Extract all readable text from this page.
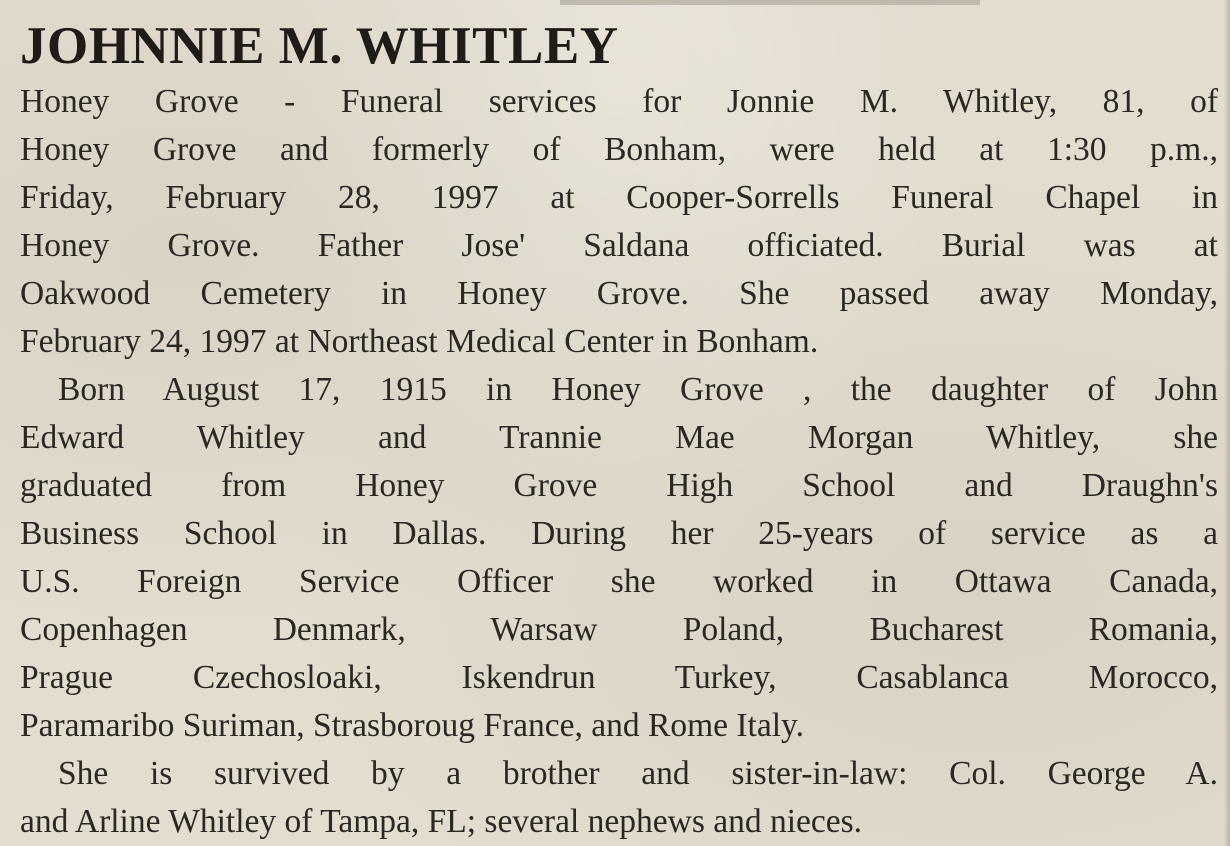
JOHNNIE M. WHITLEY
Honey Grove - Funeral services for Jonnie M. Whitley, 81, of
Honey Grove and formerly of Bonham, were held at 1:30 p.m.,
Friday, February 28, 1997 at Cooper-Sorrells Funeral Chapel in
Honey Grove. Father Jose' Saldana officiated. Burial was at
Oakwood Cemetery in Honey Grove. She passed away Monday,
February 24, 1997 at Northeast Medical Center in Bonham.
Born August 17, 1915 in Honey Grove , the daughter of John
Edward Whitley and Trannie Mae Morgan Whitley, she
graduated from Honey Grove High School and Draughn's
Business School in Dallas. During her 25-years of service as a
U.S. Foreign Service Officer she worked in Ottawa Canada,
Copenhagen Denmark, Warsaw Poland, Bucharest Romania,
Prague Czechosloaki, Iskendrun Turkey, Casablanca Morocco,
Paramaribo Suriman, Strasboroug France, and Rome Italy.
She is survived by a brother and sister-in-law: Col. George A.
and Arline Whitley of Tampa, FL; several nephews and nieces.
